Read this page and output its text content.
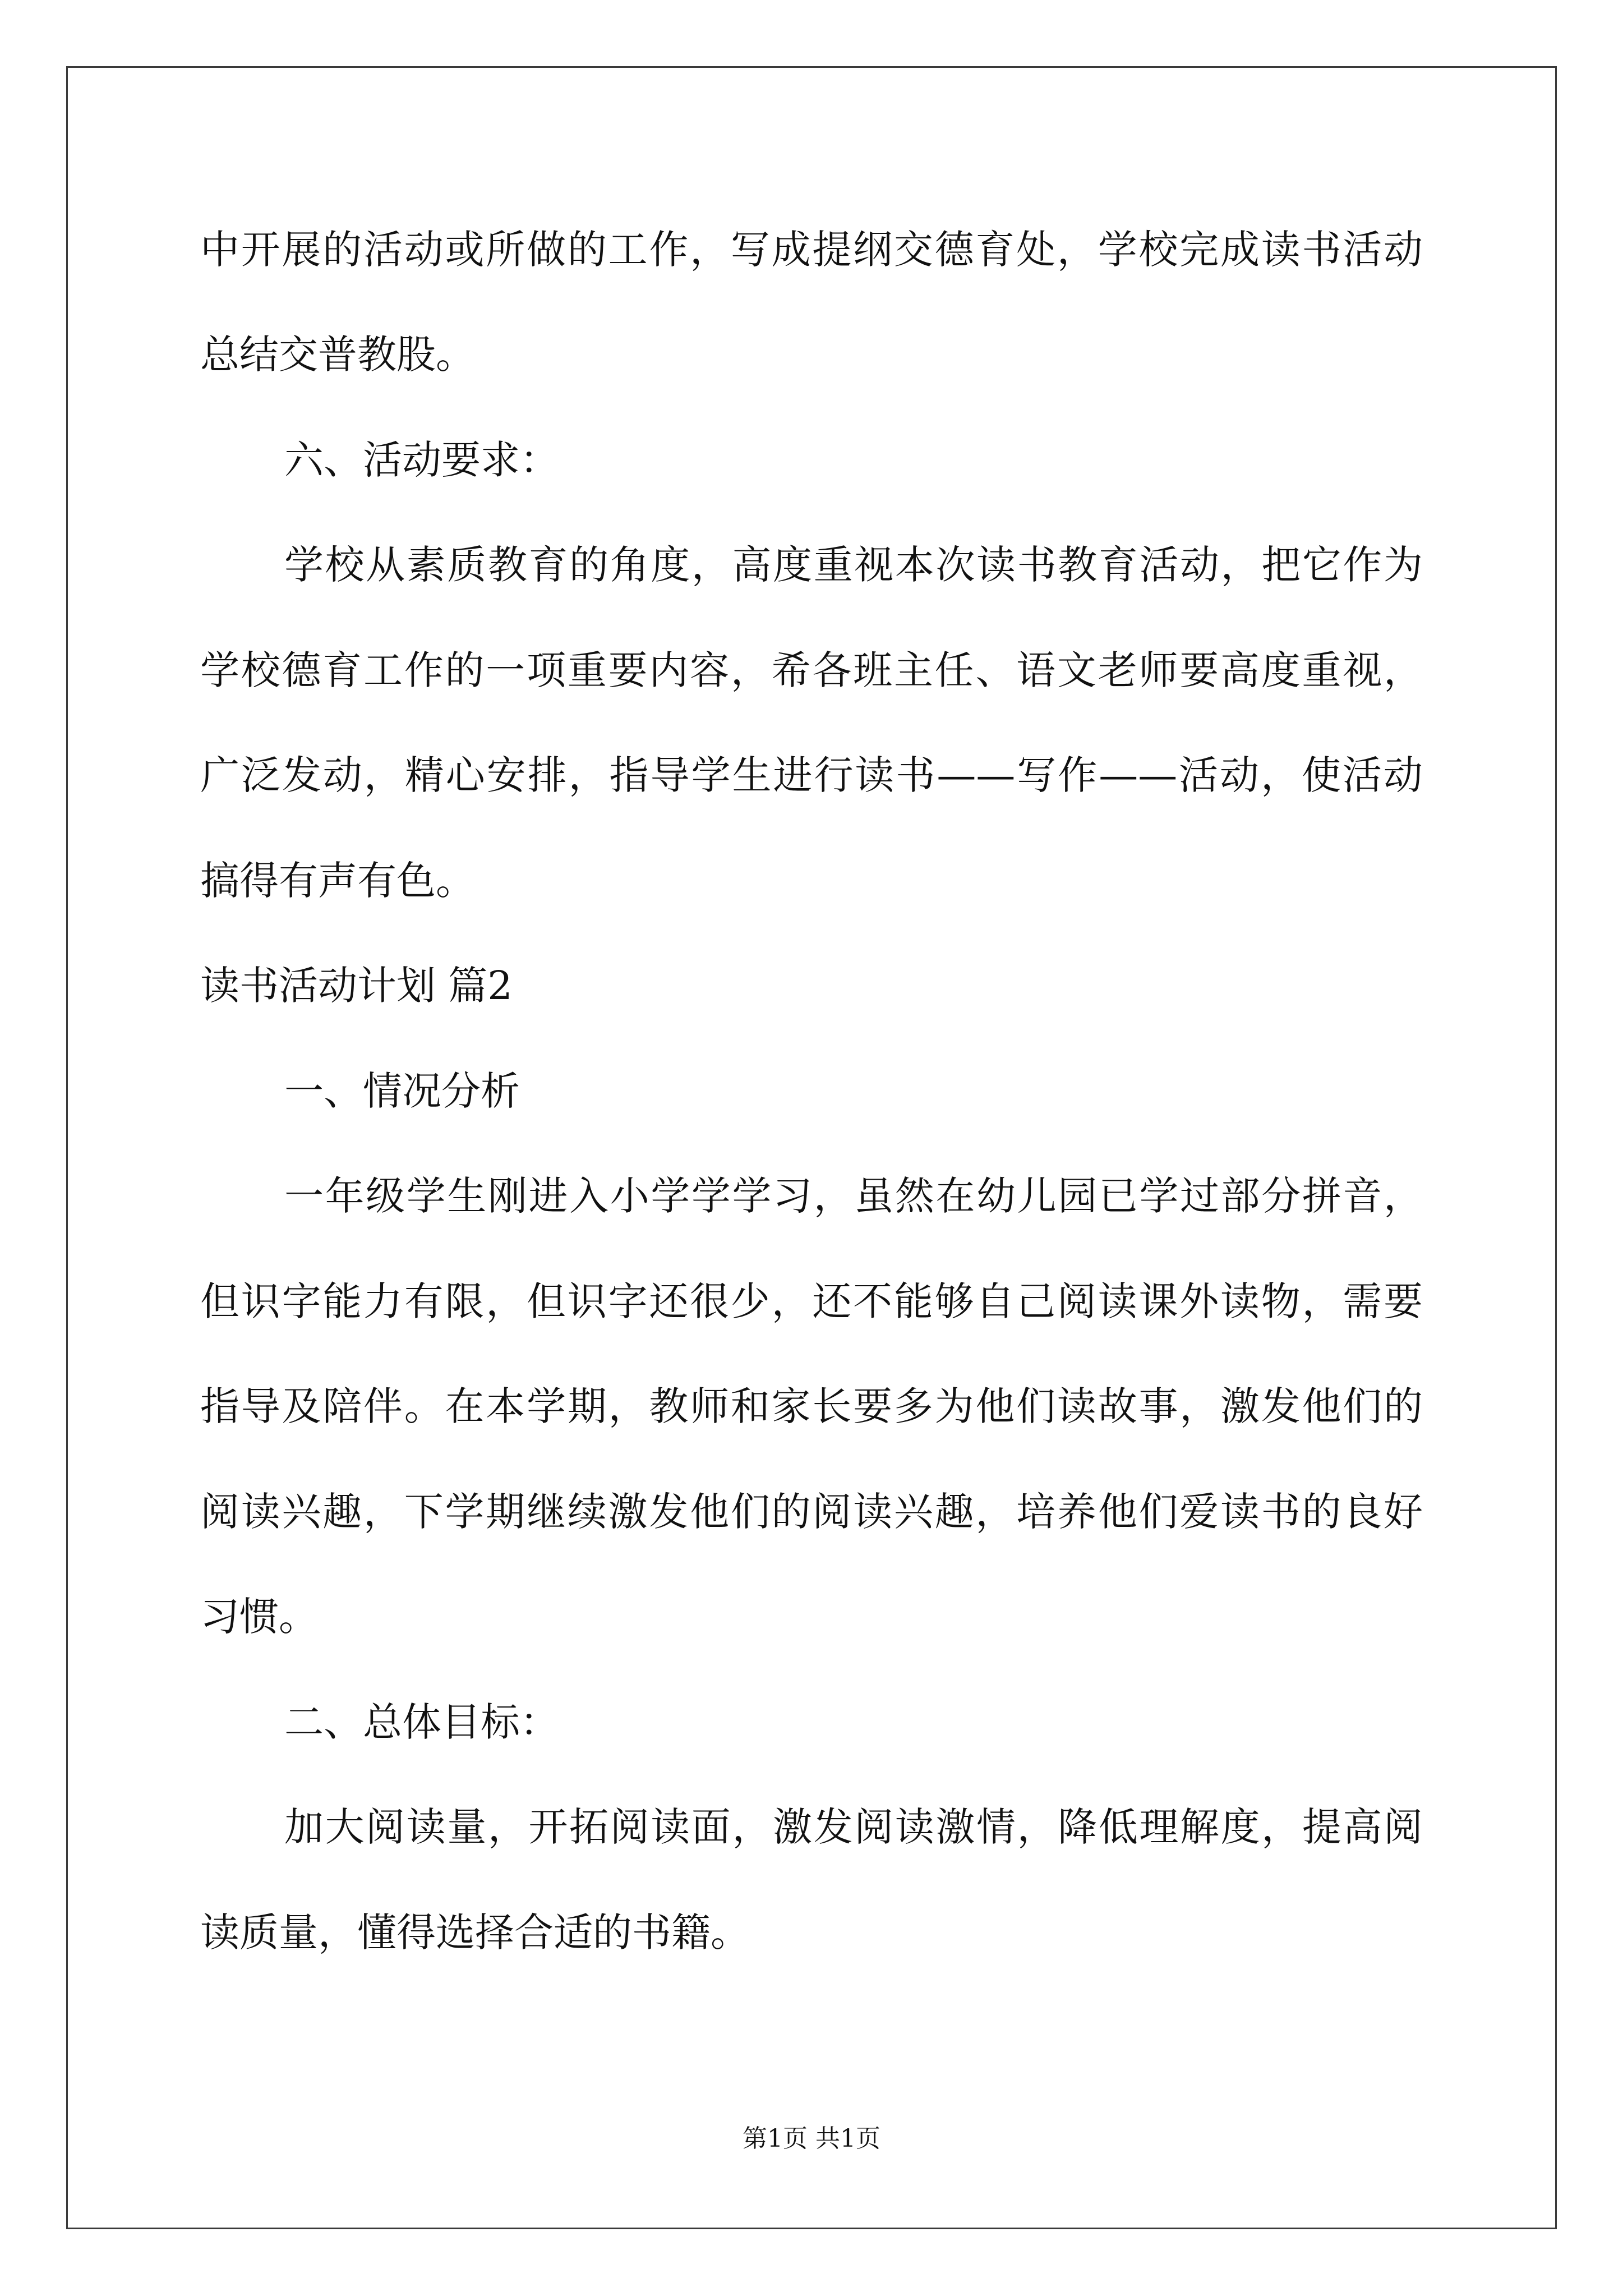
中开展的活动或所做的工作，写成提纲交德育处，学校完成读书活动
总结交普教股。
六、活动要求：
学校从素质教育的角度，高度重视本次读书教育活动，把它作为
学校德育工作的一项重要内容，希各班主任、语文老师要高度重视，
广泛发动，精心安排，指导学生进行读书——写作——活动，使活动
搞得有声有色。
读书活动计划 篇2
一、情况分析
一年级学生刚进入小学学学习，虽然在幼儿园已学过部分拼音，
但识字能力有限，但识字还很少，还不能够自己阅读课外读物，需要
指导及陪伴。在本学期，教师和家长要多为他们读故事，激发他们的
阅读兴趣，下学期继续激发他们的阅读兴趣，培养他们爱读书的良好
习惯。
二、总体目标：
加大阅读量，开拓阅读面，激发阅读激情，降低理解度，提高阅
读质量，懂得选择合适的书籍。
第1页 共1页
